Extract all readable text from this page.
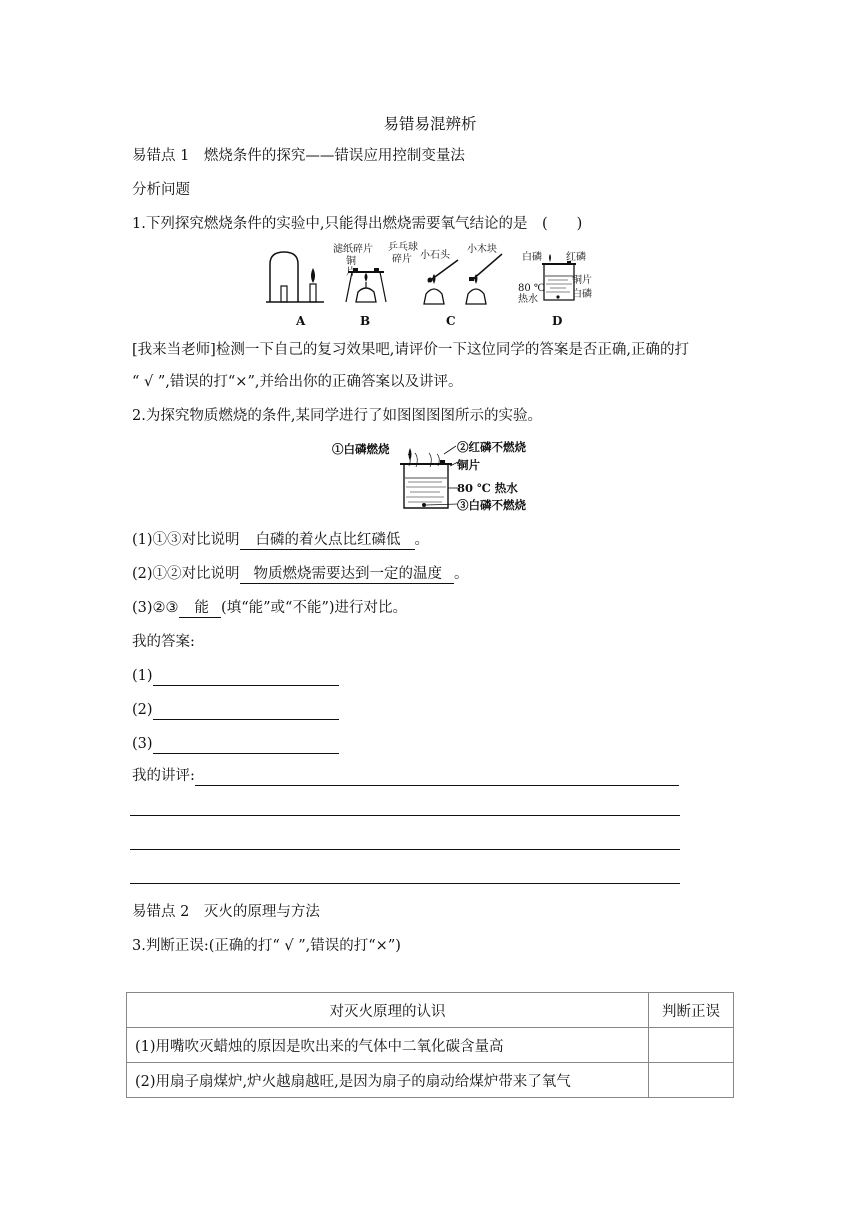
易错易混辨析
易错点 1　燃烧条件的探究——错误应用控制变量法
分析问题
1.下列探究燃烧条件的实验中,只能得出燃烧需要氧气结论的是　(　　)
滤纸碎片 乒乓球
碎片
铜
片
小石头
小木块
白磷 红磷
铜片
80 ℃
热水	白磷
A	B	C	D
[我来当老师]检测一下自己的复习效果吧,请评价一下这位同学的答案是否正确,正确的打
“ √ ”,错误的打“×”,并给出你的正确答案以及讲评。
2.为探究物质燃烧的条件,某同学进行了如图图图图所示的实验。
①白磷燃烧	②红磷不燃烧
铜片
80 ℃ 热水
③白磷不燃烧
(1)①③对比说明 白磷的着火点比红磷低 。
(2)①②对比说明 物质燃烧需要达到一定的温度 。
(3)②③ 能 (填“能”或“不能”)进行对比。
我的答案:
(1)
(2)
(3)
我的讲评:
易错点 2　灭火的原理与方法
3.判断正误:(正确的打“ √ ”,错误的打“×”)
对灭火原理的认识	判断正误
(1)用嘴吹灭蜡烛的原因是吹出来的气体中二氧化碳含量高	
(2)用扇子扇煤炉,炉火越扇越旺,是因为扇子的扇动给煤炉带来了氧气	
